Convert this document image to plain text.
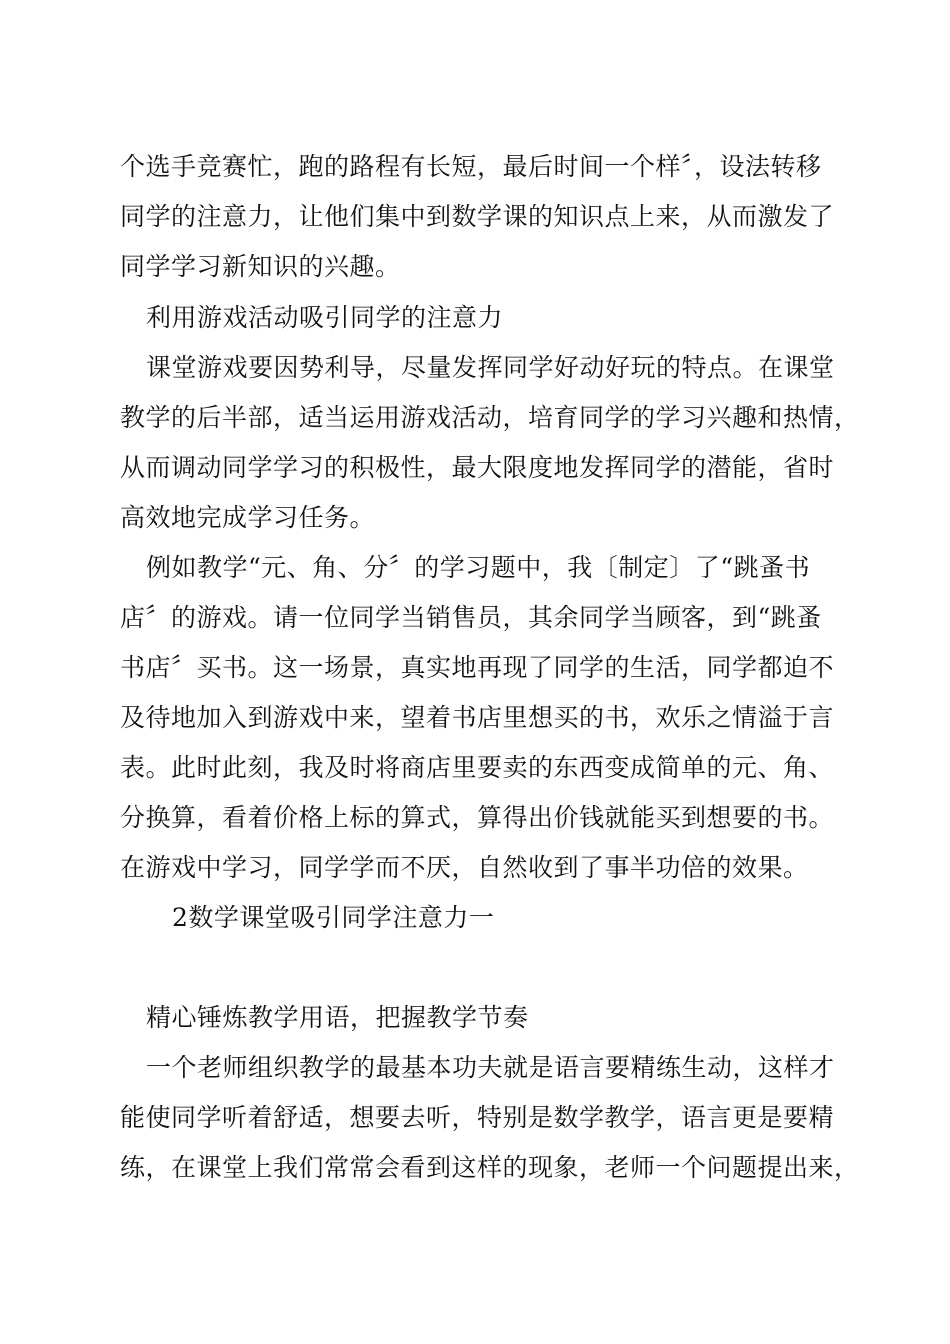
个选手竞赛忙，跑的路程有长短，最后时间一个样〞，设法转移
同学的注意力，让他们集中到数学课的知识点上来，从而激发了
同学学习新知识的兴趣。
利用游戏活动吸引同学的注意力
课堂游戏要因势利导，尽量发挥同学好动好玩的特点。在课堂
教学的后半部，适当运用游戏活动，培育同学的学习兴趣和热情，
从而调动同学学习的积极性，最大限度地发挥同学的潜能，省时
高效地完成学习任务。
例如教学“元、角、分〞的学习题中，我〔制定〕了“跳蚤书
店〞的游戏。请一位同学当销售员，其余同学当顾客，到“跳蚤
书店〞买书。这一场景，真实地再现了同学的生活，同学都迫不
及待地加入到游戏中来，望着书店里想买的书，欢乐之情溢于言
表。此时此刻，我及时将商店里要卖的东西变成简单的元、角、
分换算，看着价格上标的算式，算得出价钱就能买到想要的书。
在游戏中学习，同学学而不厌，自然收到了事半功倍的效果。
2数学课堂吸引同学注意力一
精心锤炼教学用语，把握教学节奏
一个老师组织教学的最基本功夫就是语言要精练生动，这样才
能使同学听着舒适，想要去听，特别是数学教学，语言更是要精
练，在课堂上我们常常会看到这样的现象，老师一个问题提出来，
